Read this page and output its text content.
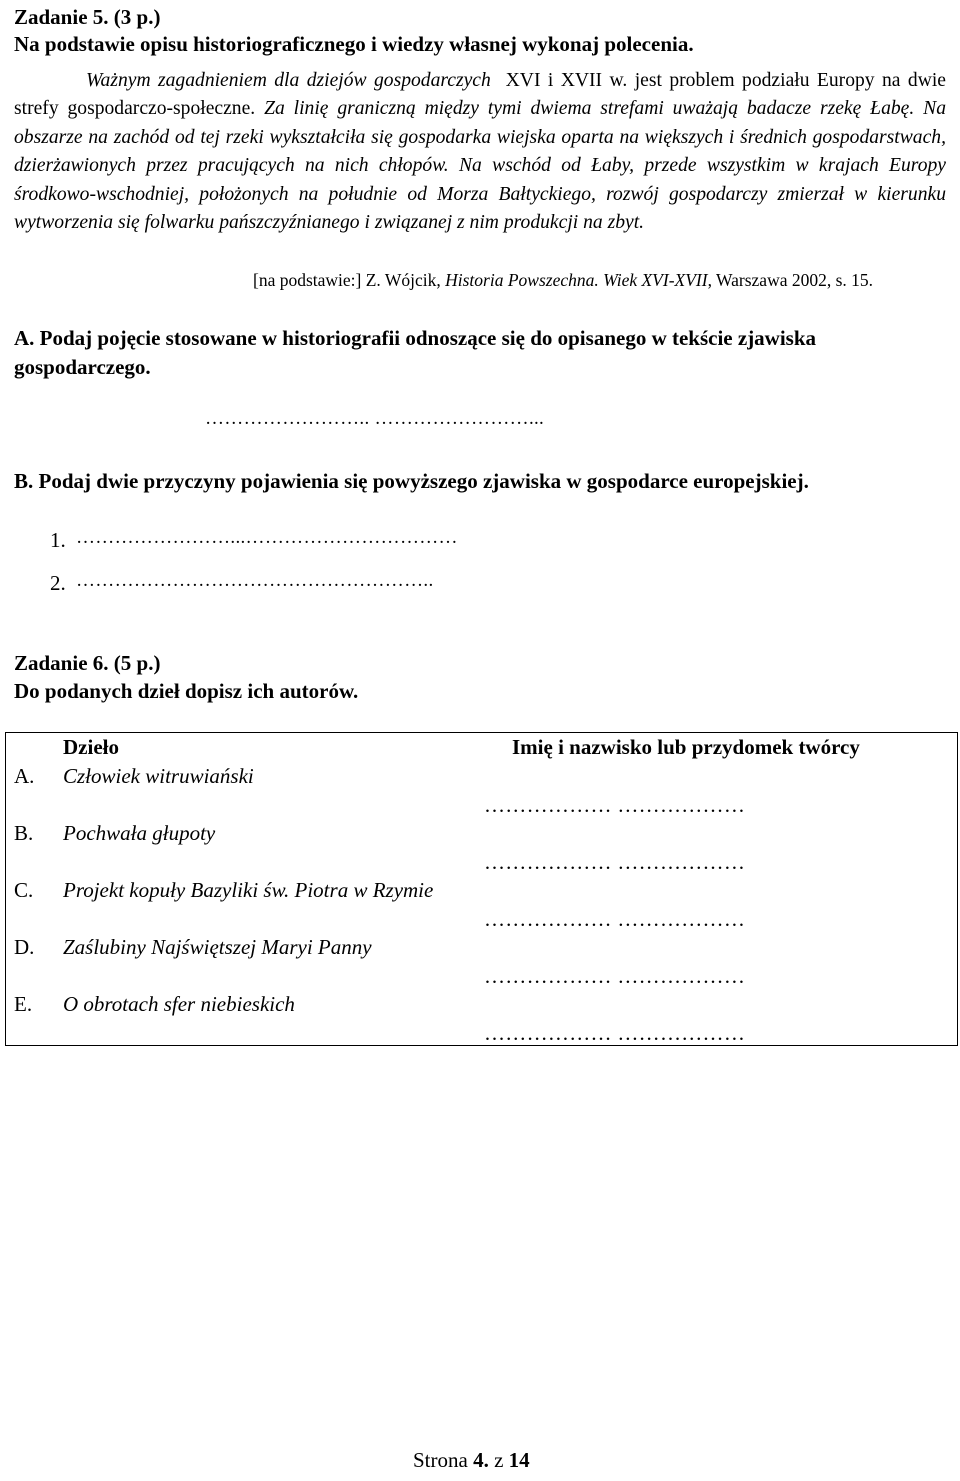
Zadanie 5. (3 p.)
Na podstawie opisu historiograficznego i wiedzy własnej wykonaj polecenia.

Ważnym zagadnieniem dla dziejów gospodarczych XVI i XVII w. jest problem podziału Europy na dwie strefy gospodarczo-społeczne. Za linię graniczną między tymi dwiema strefami uważają badacze rzekę Łabę. Na obszarze na zachód od tej rzeki wykształciła się gospodarka wiejska oparta na większych i średnich gospodarstwach, dzierżawionych przez pracujących na nich chłopów. Na wschód od Łaby, przede wszystkim w krajach Europy środkowo-wschodniej, położonych na południe od Morza Bałtyckiego, rozwój gospodarczy zmierzał w kierunku wytworzenia się folwarku pańszczyźnianego i związanej z nim produkcji na zbyt.

[na podstawie:] Z. Wójcik, Historia Powszechna. Wiek XVI-XVII, Warszawa 2002, s. 15.
A. Podaj pojęcie stosowane w historiografii odnoszące się do opisanego w tekście zjawiska gospodarczego.
…………………….. ……………………...
B. Podaj dwie przyczyny pojawienia się powyższego zjawiska w gospodarce europejskiej.
1. ……………………...……………………………
2. ………………………………………………..
Zadanie 6. (5 p.)
Do podanych dzieł dopisz ich autorów.
Dzieło	Imię i nazwisko lub przydomek twórcy
A. Człowiek witruwiański
……………… ………………
B. Pochwała głupoty
……………… ………………
C. Projekt kopuły Bazyliki św. Piotra w Rzymie
……………… ………………
D. Zaślubiny Najświętszej Maryi Panny
……………… ………………
E. O obrotach sfer niebieskich
……………… ………………
Strona 4. z 14
